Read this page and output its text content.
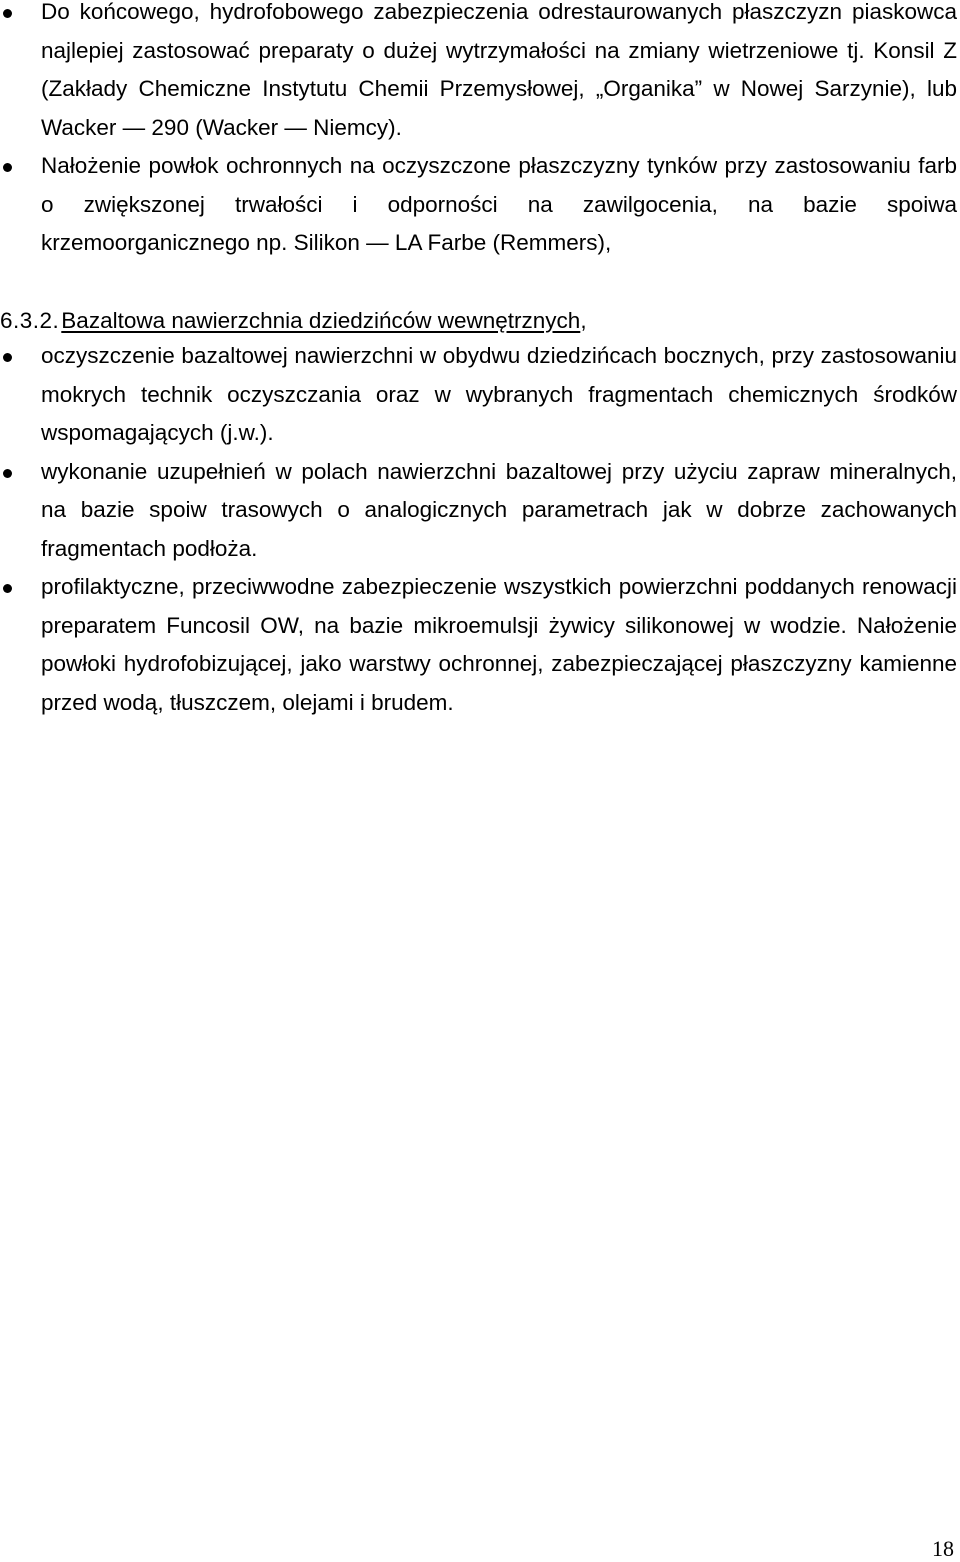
Do końcowego, hydrofobowego zabezpieczenia odrestaurowanych płaszczyzn piaskowca najlepiej zastosować preparaty o dużej wytrzymałości na zmiany wietrzeniowe tj. Konsil Z (Zakłady Chemiczne Instytutu Chemii Przemysłowej, „Organika” w Nowej Sarzynie), lub Wacker — 290 (Wacker — Niemcy).
Nałożenie powłok ochronnych na oczyszczone płaszczyzny tynków przy zastosowaniu farb o zwiększonej trwałości i odporności na zawilgocenia, na bazie spoiwa krzemoorganicznego np. Silikon — LA Farbe (Remmers),
6.3.2.Bazaltowa nawierzchnia dziedzińców wewnętrznych,
oczyszczenie bazaltowej nawierzchni w obydwu dziedzińcach bocznych, przy zastosowaniu mokrych technik oczyszczania oraz w wybranych fragmentach chemicznych środków wspomagających (j.w.).
wykonanie uzupełnień w polach nawierzchni bazaltowej przy użyciu zapraw mineralnych, na bazie spoiw trasowych o analogicznych parametrach jak w dobrze zachowanych fragmentach podłoża.
profilaktyczne, przeciwwodne zabezpieczenie wszystkich powierzchni poddanych renowacji preparatem Funcosil OW, na bazie mikroemulsji żywicy silikonowej w wodzie. Nałożenie powłoki hydrofobizującej, jako warstwy ochronnej, zabezpieczającej płaszczyzny kamienne przed wodą, tłuszczem, olejami i brudem.
18
